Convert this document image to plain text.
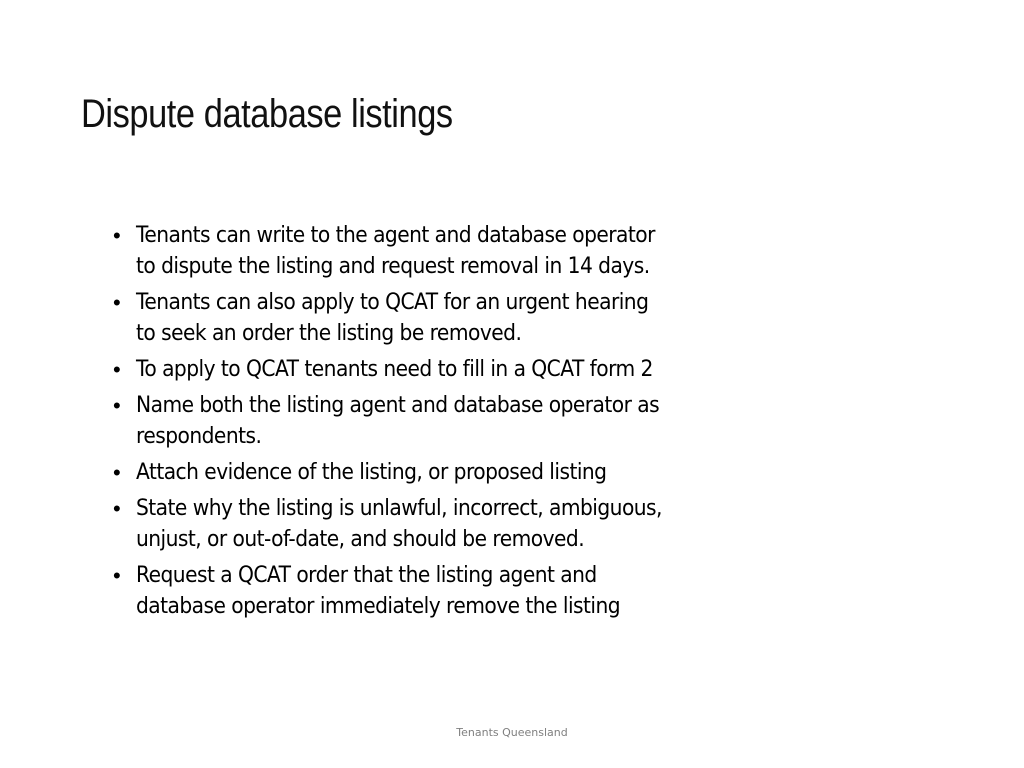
Dispute database listings
• Tenants can write to the agent and database operator
to dispute the listing and request removal in 14 days.
• Tenants can also apply to QCAT for an urgent hearing
to seek an order the listing be removed.
• To apply to QCAT tenants need to fill in a QCAT form 2
• Name both the listing agent and database operator as
respondents.
• Attach evidence of the listing, or proposed listing
• State why the listing is unlawful, incorrect, ambiguous,
unjust, or out-of-date, and should be removed.
• Request a QCAT order that the listing agent and
database operator immediately remove the listing
Tenants Queensland
